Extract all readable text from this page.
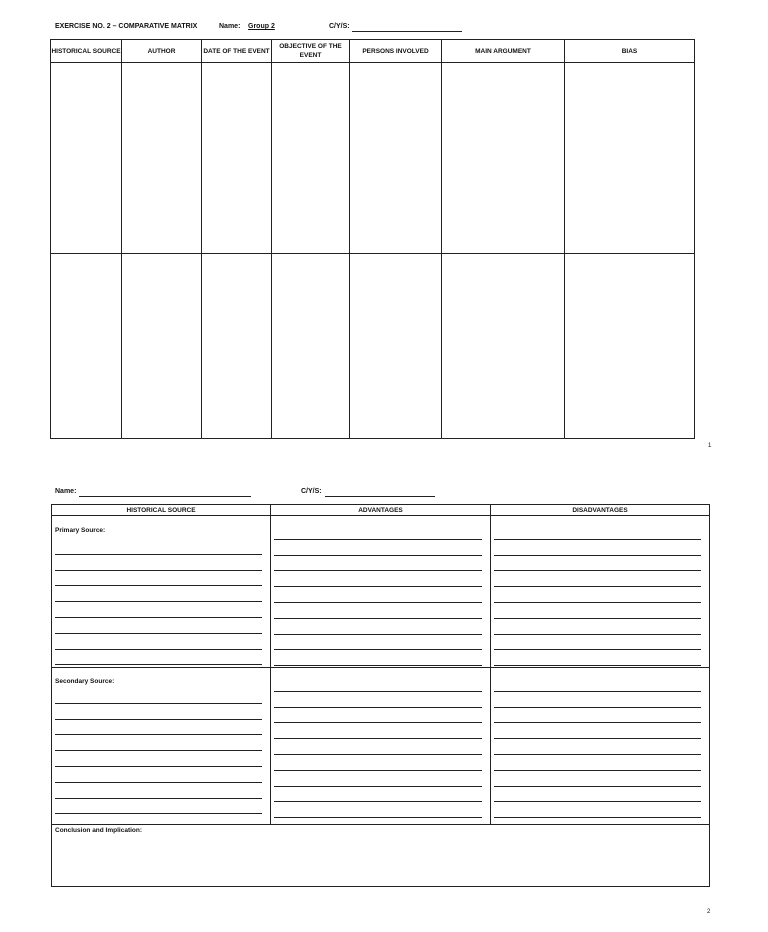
EXERCISE NO. 2 – COMPARATIVE MATRIX	Name: Group 2	C/Y/S:
HISTORICAL SOURCE	AUTHOR	DATE OF THE EVENT	OBJECTIVE OF THE EVENT	PERSONS INVOLVED	MAIN ARGUMENT	BIAS

1
Name:	C/Y/S:
HISTORICAL SOURCE	ADVANTAGES	DISADVANTAGES

Primary Source:		

Secondary Source:		

Conclusion and Implication:		
2
